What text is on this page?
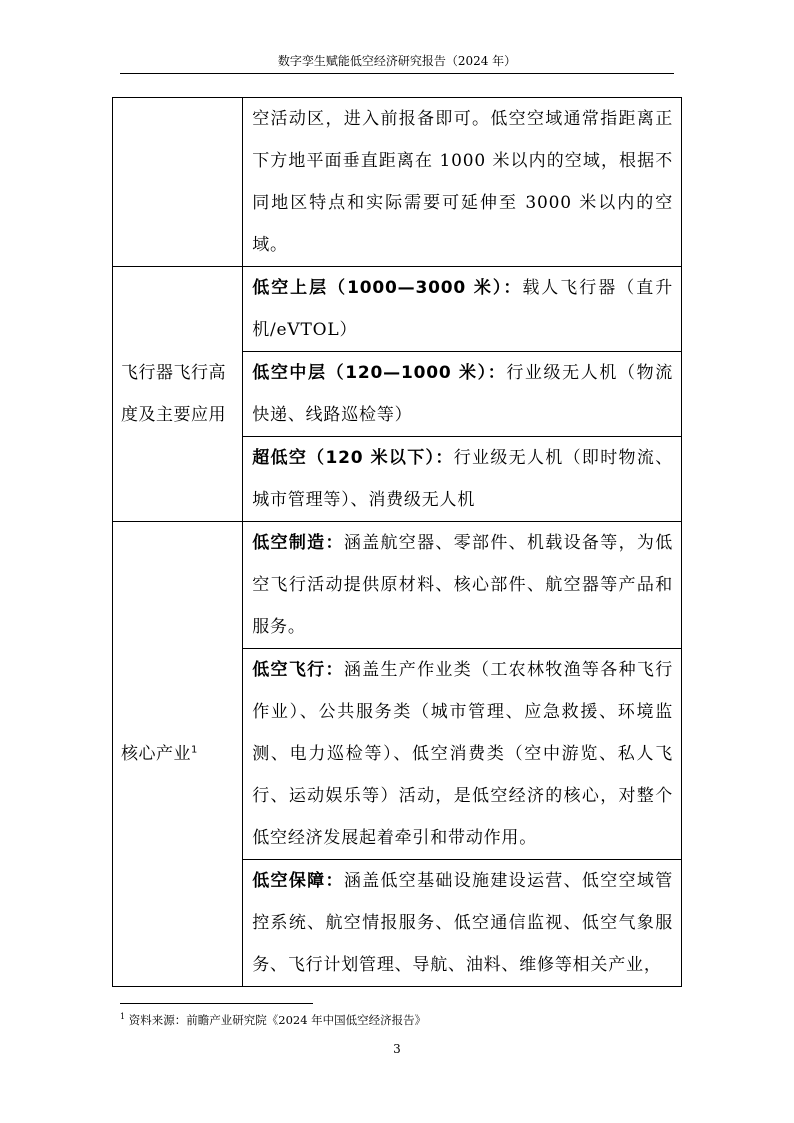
数字孪生赋能低空经济研究报告（2024 年）
	空活动区，进入前报备即可。低空空域通常指距离正下方地平面垂直距离在 1000 米以内的空域，根据不同地区特点和实际需要可延伸至 3000 米以内的空域。
飞行器飞行高度及主要应用	低空上层（1000—3000 米）：载人飞行器（直升机/eVTOL）
	低空中层（120—1000 米）：行业级无人机（物流快递、线路巡检等）
	超低空（120 米以下）：行业级无人机（即时物流、城市管理等）、消费级无人机
核心产业$^1$	低空制造：涵盖航空器、零部件、机载设备等，为低空飞行活动提供原材料、核心部件、航空器等产品和服务。
	低空飞行：涵盖生产作业类（工农林牧渔等各种飞行作业）、公共服务类（城市管理、应急救援、环境监测、电力巡检等）、低空消费类（空中游览、私人飞行、运动娱乐等）活动，是低空经济的核心，对整个低空经济发展起着牵引和带动作用。
	低空保障：涵盖低空基础设施建设运营、低空空域管控系统、航空情报服务、低空通信监视、低空气象服务、飞行计划管理、导航、油料、维修等相关产业，
$^1$ 资料来源：前瞻产业研究院《2024 年中国低空经济报告》
3
